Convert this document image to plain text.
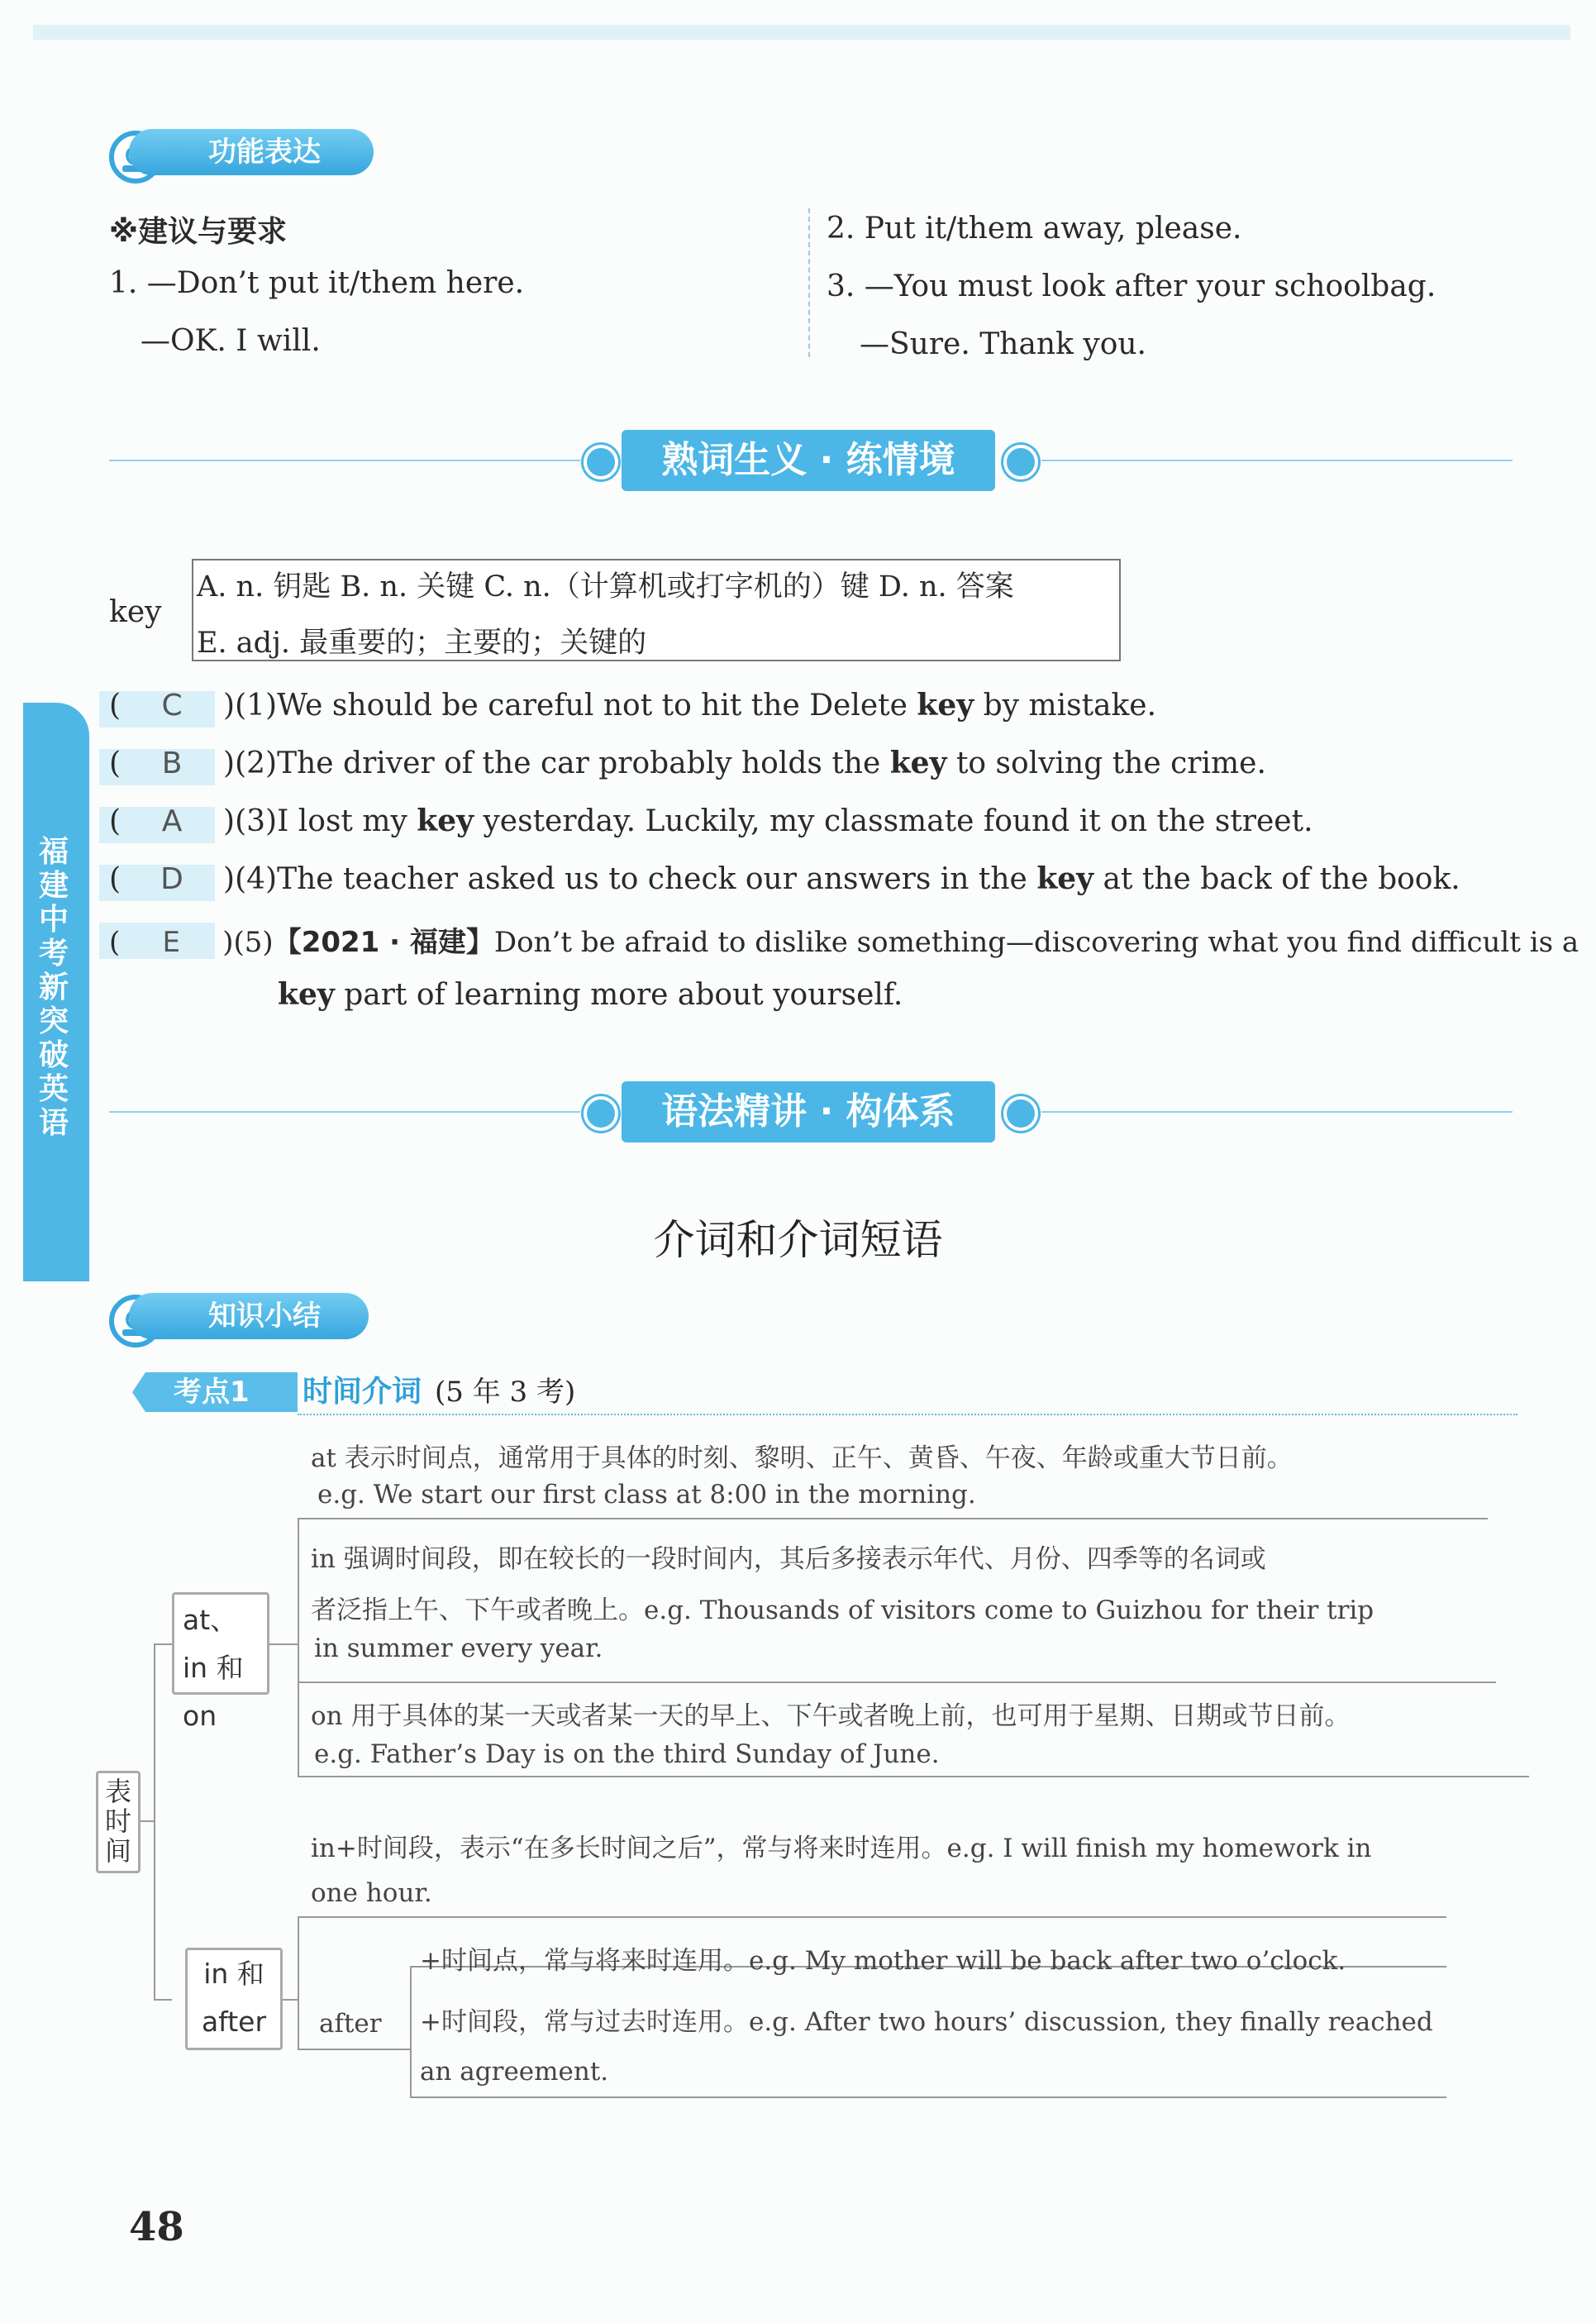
福建中考新突破 英语
功能表达
※建议与要求
1. —Don’t put it/them here.
—OK. I will.
2. Put it/them away, please.
3. —You must look after your schoolbag.
—Sure. Thank you.
熟词生义 · 练情境
key
A. n. 钥匙 B. n. 关键 C. n.（计算机或打字机的）键 D. n. 答案
E. adj. 最重要的；主要的；关键的
( C )(1)We should be careful not to hit the Delete key by mistake.
( B )(2)The driver of the car probably holds the key to solving the crime.
( A )(3)I lost my key yesterday. Luckily, my classmate found it on the street.
( D )(4)The teacher asked us to check our answers in the key at the back of the book.
( E )(5)【2021 · 福建】Don’t be afraid to dislike something—discovering what you find difficult is a
key part of learning more about yourself.
语法精讲 · 构体系
介词和介词短语
知识小结
考点1 时间介词 (5 年 3 考)
表时间
at、in 和on
in 和 after
at 表示时间点，通常用于具体的时刻、黎明、正午、黄昏、午夜、年龄或重大节日前。
e.g. We start our first class at 8:00 in the morning.
in 强调时间段，即在较长的一段时间内，其后多接表示年代、月份、四季等的名词或
者泛指上午、下午或者晚上。e.g. Thousands of visitors come to Guizhou for their trip
in summer every year.
on 用于具体的某一天或者某一天的早上、下午或者晚上前，也可用于星期、日期或节日前。
e.g. Father’s Day is on the third Sunday of June.
in+时间段，表示“在多长时间之后”，常与将来时连用。e.g. I will finish my homework in
one hour.
after
+时间点，常与将来时连用。e.g. My mother will be back after two o’clock.
+时间段，常与过去时连用。e.g. After two hours’ discussion, they finally reached
an agreement.
48
